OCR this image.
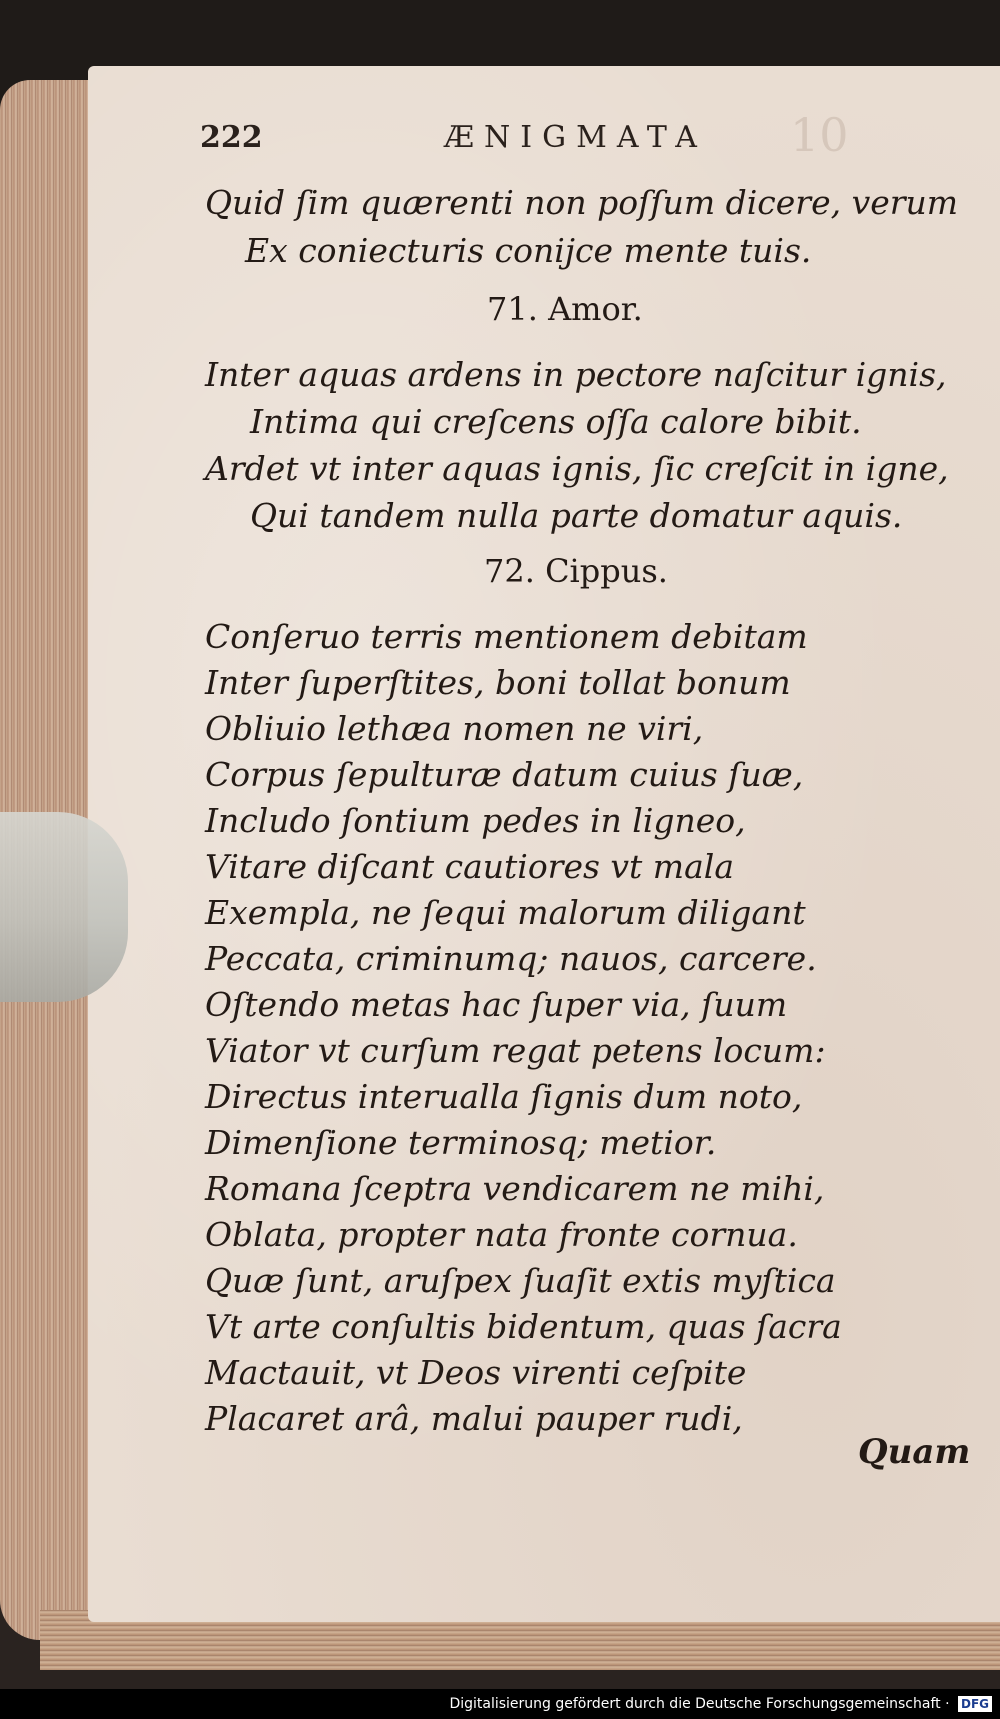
222	ÆNIGMATA 10
Quid ſim quærenti non poſſum dicere, verum
Ex coniecturis conijce mente tuis.
71. Amor.
Inter aquas ardens in pectore naſcitur ignis,
Intima qui creſcens oſſa calore bibit.
Ardet vt inter aquas ignis, ſic creſcit in igne,
Qui tandem nulla parte domatur aquis.
72. Cippus.
Conſeruo terris mentionem debitam
Inter ſuperſtites, boni tollat bonum
Obliuio lethæa nomen ne viri,
Corpus ſepulturæ datum cuius ſuæ,
Includo ſontium pedes in ligneo,
Vitare diſcant cautiores vt mala
Exempla, ne ſequi malorum diligant
Peccata, criminumq; nauos, carcere.
Oſtendo metas hac ſuper via, ſuum
Viator vt curſum regat petens locum:
Directus interualla ſignis dum noto,
Dimenſione terminosq; metior.
Romana ſceptra vendicarem ne mihi,
Oblata, propter nata fronte cornua.
Quæ ſunt, aruſpex ſuaſit extis myſtica
Vt arte conſultis bidentum, quas ſacra
Mactauit, vt Deos virenti ceſpite
Placaret arâ, malui pauper rudi,
Quam
Digitalisierung gefördert durch die Deutsche Forschungsgemeinschaft · DFG
